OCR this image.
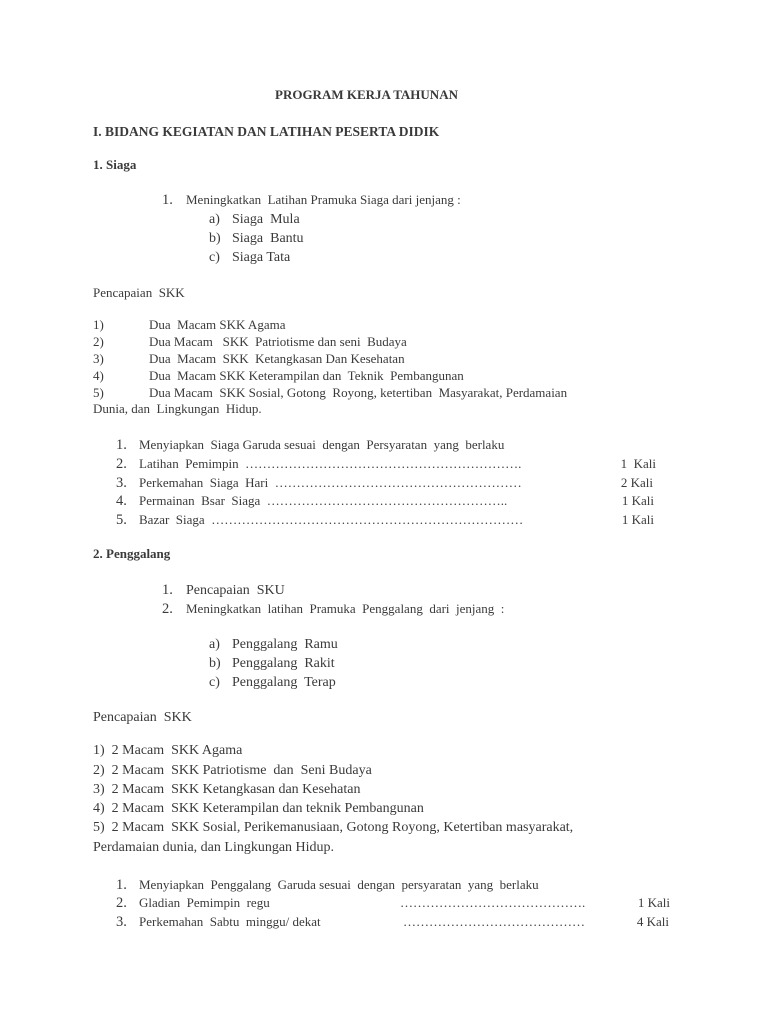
PROGRAM KERJA TAHUNAN
I. BIDANG KEGIATAN DAN LATIHAN PESERTA DIDIK
1. Siaga
1. Meningkatkan  Latihan Pramuka Siaga dari jenjang :
a) Siaga  Mula
b) Siaga  Bantu
c) Siaga Tata
Pencapaian  SKK
1)	Dua  Macam SKK Agama
2)	Dua Macam   SKK  Patriotisme dan seni  Budaya
3)	Dua  Macam  SKK  Ketangkasan Dan Kesehatan
4)	Dua  Macam SKK Keterampilan dan  Teknik  Pembangunan
5)	Dua Macam  SKK Sosial, Gotong  Royong, ketertiban  Masyarakat, Perdamaian
Dunia, dan  Lingkungan  Hidup.
1. Menyiapkan  Siaga Garuda sesuai  dengan  Persyaratan  yang  berlaku
2. Latihan  Pemimpin  ……………………………………………………….	1  Kali
3. Perkemahan  Siaga  Hari  …………………………………………………	2 Kali
4. Permainan  Bsar  Siaga  ………………………………………………..	1 Kali
5. Bazar  Siaga  ………………………………………………………………	1 Kali
2. Penggalang
1. Pencapaian  SKU
2. Meningkatkan  latihan  Pramuka  Penggalang  dari  jenjang  :
a) Penggalang  Ramu
b) Penggalang  Rakit
c) Penggalang  Terap
Pencapaian  SKK
1)  2 Macam  SKK Agama
2)  2 Macam  SKK Patriotisme  dan  Seni Budaya
3)  2 Macam  SKK Ketangkasan dan Kesehatan
4)  2 Macam  SKK Keterampilan dan teknik Pembangunan
5)  2 Macam  SKK Sosial, Perikemanusiaan, Gotong Royong, Ketertiban masyarakat,
Perdamaian dunia, dan Lingkungan Hidup.
1. Menyiapkan  Penggalang  Garuda sesuai  dengan  persyaratan  yang  berlaku
2. Gladian  Pemimpin  regu	…………………………………….	1 Kali
3. Perkemahan  Sabtu  minggu/ dekat	……………………………………	4 Kali
